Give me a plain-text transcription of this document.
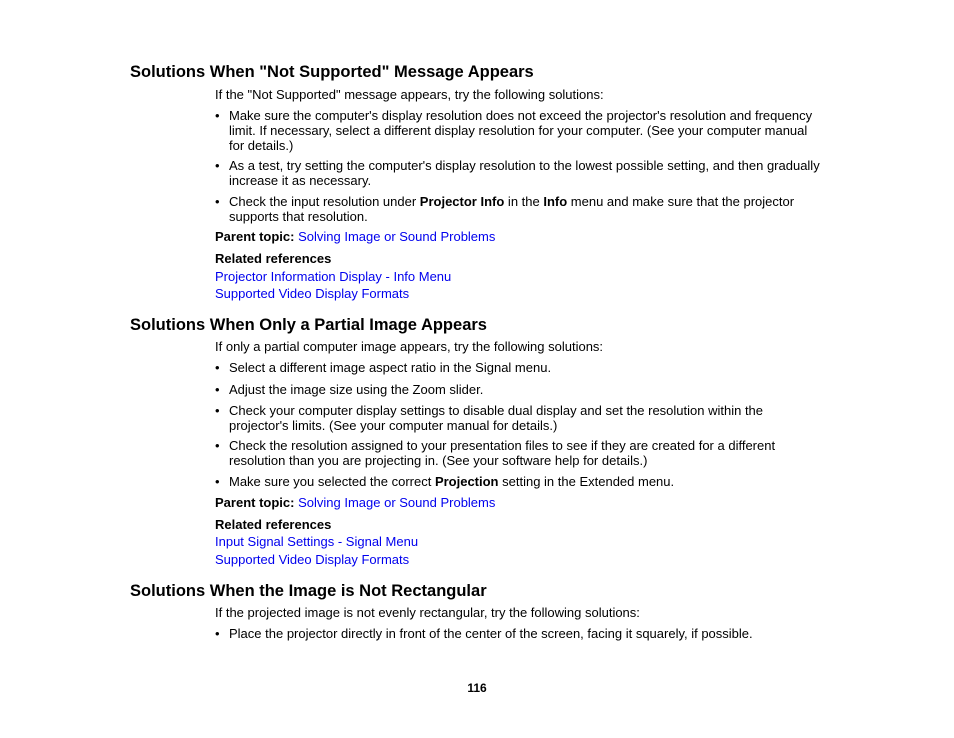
Solutions When "Not Supported" Message Appears

If the "Not Supported" message appears, try the following solutions:

• Make sure the computer's display resolution does not exceed the projector's resolution and frequency limit. If necessary, select a different display resolution for your computer. (See your computer manual for details.)
• As a test, try setting the computer's display resolution to the lowest possible setting, and then gradually increase it as necessary.
• Check the input resolution under Projector Info in the Info menu and make sure that the projector supports that resolution.

Parent topic: Solving Image or Sound Problems

Related references

Projector Information Display - Info Menu

Supported Video Display Formats

Solutions When Only a Partial Image Appears

If only a partial computer image appears, try the following solutions:

• Select a different image aspect ratio in the Signal menu.
• Adjust the image size using the Zoom slider.
• Check your computer display settings to disable dual display and set the resolution within the projector's limits. (See your computer manual for details.)
• Check the resolution assigned to your presentation files to see if they are created for a different resolution than you are projecting in. (See your software help for details.)
• Make sure you selected the correct Projection setting in the Extended menu.

Parent topic: Solving Image or Sound Problems

Related references

Input Signal Settings - Signal Menu

Supported Video Display Formats

Solutions When the Image is Not Rectangular

If the projected image is not evenly rectangular, try the following solutions:

• Place the projector directly in front of the center of the screen, facing it squarely, if possible.
116
